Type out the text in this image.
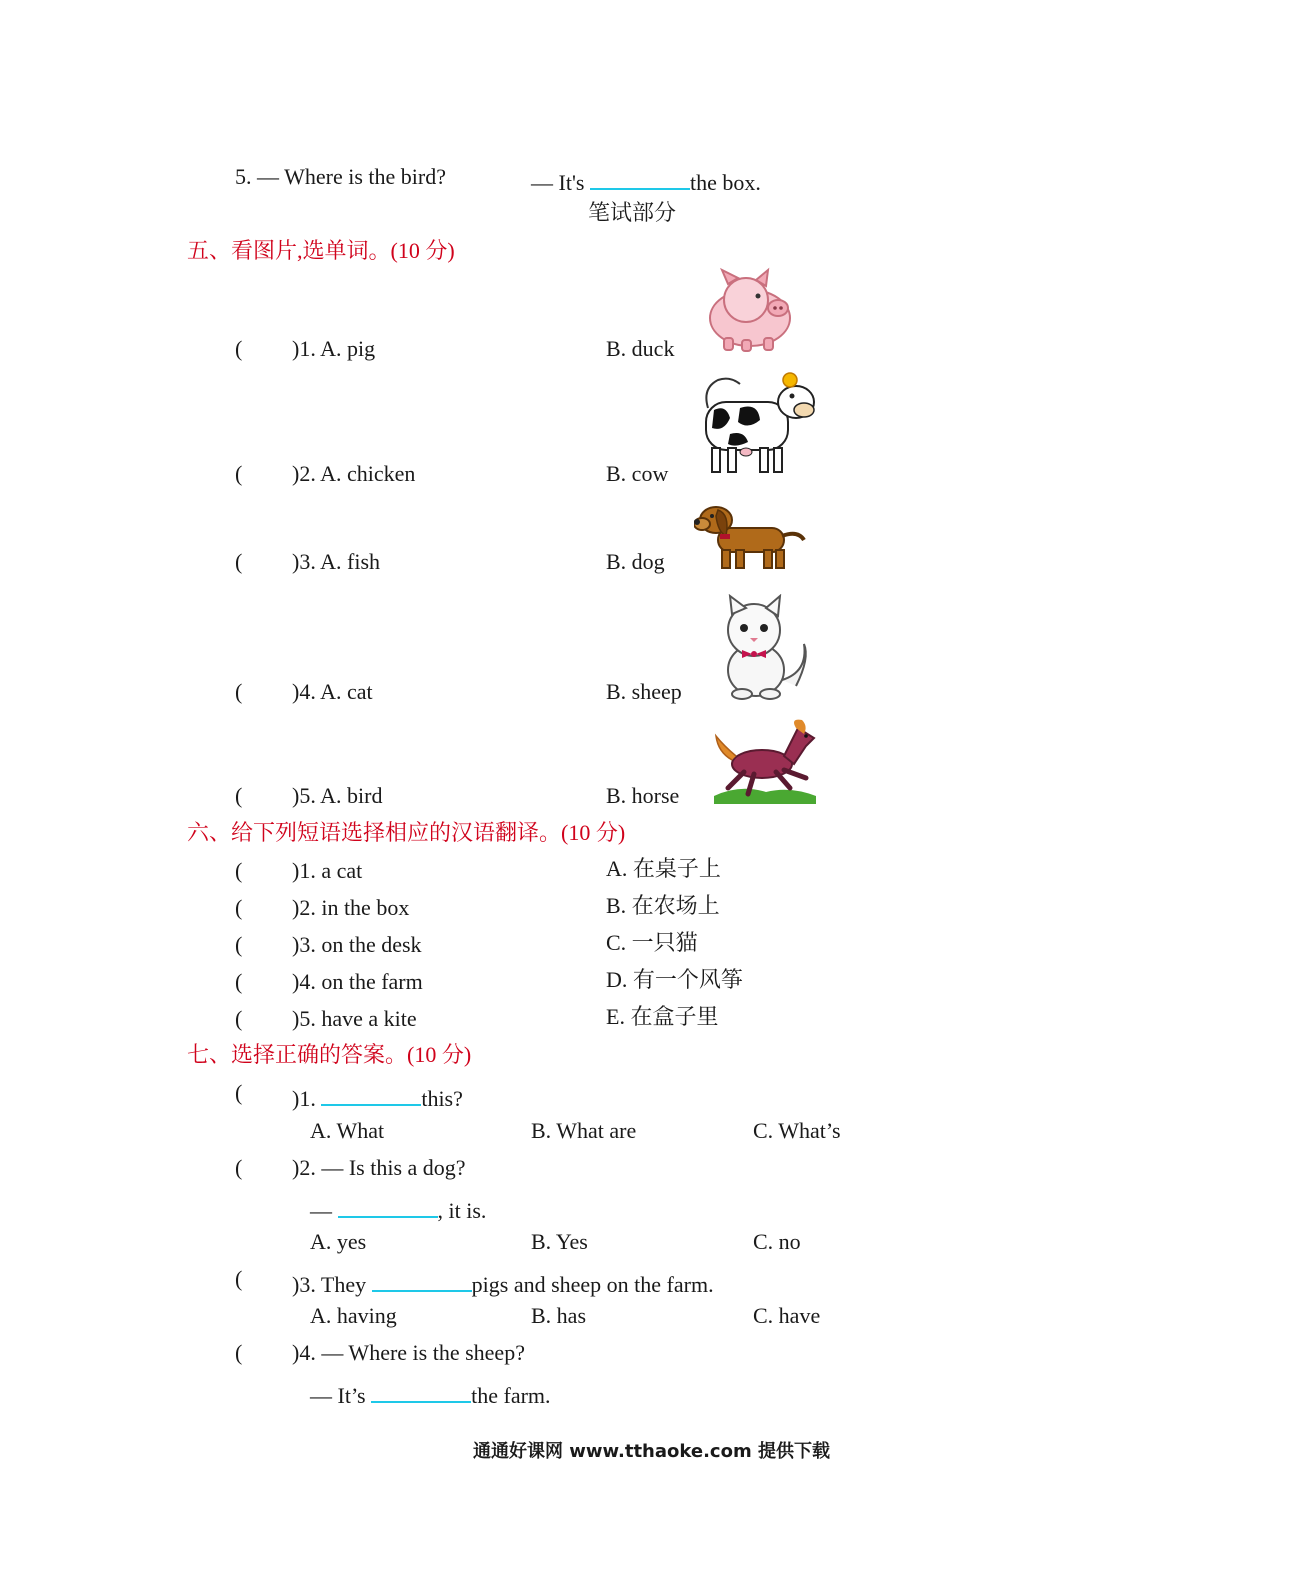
5. — Where is the bird?	— It's	the box.
笔试部分
五、看图片,选单词。(10 分)
( )1. A. pig	B. duck
( )2. A. chicken	B. cow
( )3. A. fish	B. dog
( )4. A. cat	B. sheep
( )5. A. bird	B. horse
六、给下列短语选择相应的汉语翻译。(10 分)
( )1. a cat	A. 在桌子上
( )2. in the box	B. 在农场上
( )3. on the desk	C. 一只猫
( )4. on the farm	D. 有一个风筝
( )5. have a kite	E. 在盒子里
七、选择正确的答案。(10 分)
( )1.	this?
A. What	B. What are	C. What’s
( )2. — Is this a dog?
—	, it is.
A. yes	B. Yes	C. no
( )3. They	pigs and sheep on the farm.
A. having	B. has	C. have
( )4. — Where is the sheep?
— It’s	the farm.
通通好课网 www.tthaoke.com 提供下载
